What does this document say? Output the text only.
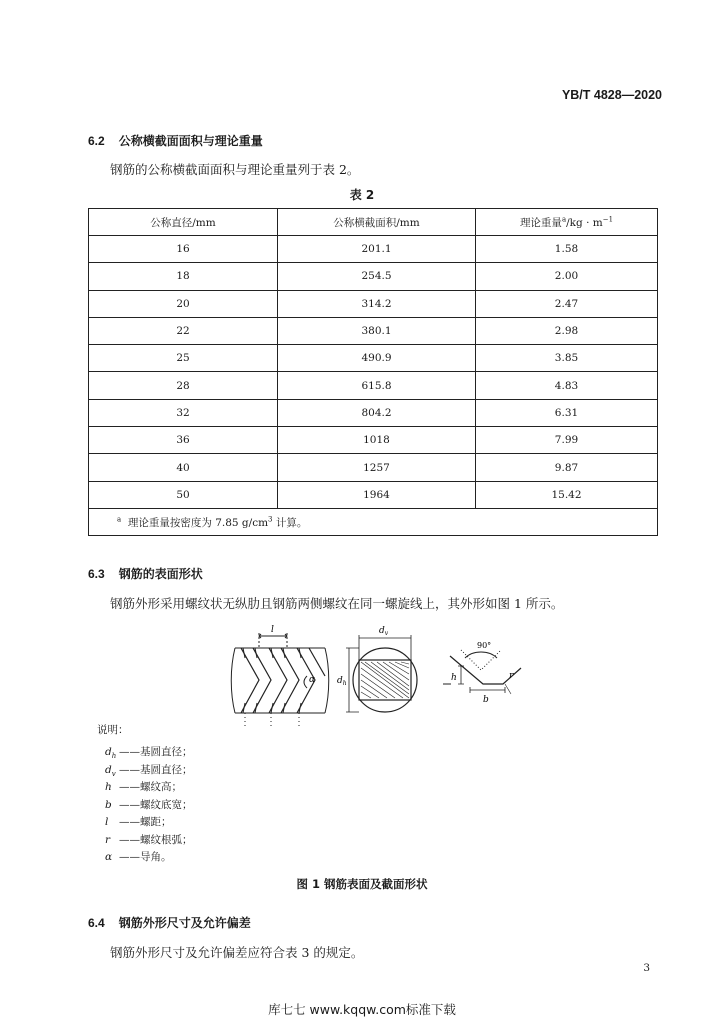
YB/T 4828—2020
6.2 公称横截面面积与理论重量
钢筋的公称横截面面积与理论重量列于表 2。
表 2
公称直径/mm	公称横截面积/mm	理论重量$^a/kg \cdot m^{-1}$
16	201.1	1.58
18	254.5	2.00
20	314.2	2.47
22	380.1	2.98
25	490.9	3.85
28	615.8	4.83
32	804.2	6.31
36	1018	7.99
40	1257	9.87
50	1964	15.42
$^a$ 理论重量按密度为 7.85 $g/cm^3$ 计算。		
6.3 钢筋的表面形状
钢筋外形采用螺纹状无纵肋且钢筋两侧螺纹在同一螺旋线上，其外形如图 1 所示。
l
α
$d_v$
$d_h$
90°
h
b
r
说明：
$d_h$ ——基圆直径；
$d_v$ ——基圆直径；
h ——螺纹高；
b ——螺纹底宽；
l ——螺距；
r ——螺纹根弧；
α ——导角。
图 1 钢筋表面及截面形状
6.4 钢筋外形尺寸及允许偏差
钢筋外形尺寸及允许偏差应符合表 3 的规定。
3
库七七 www.kqqw.com标准下载
